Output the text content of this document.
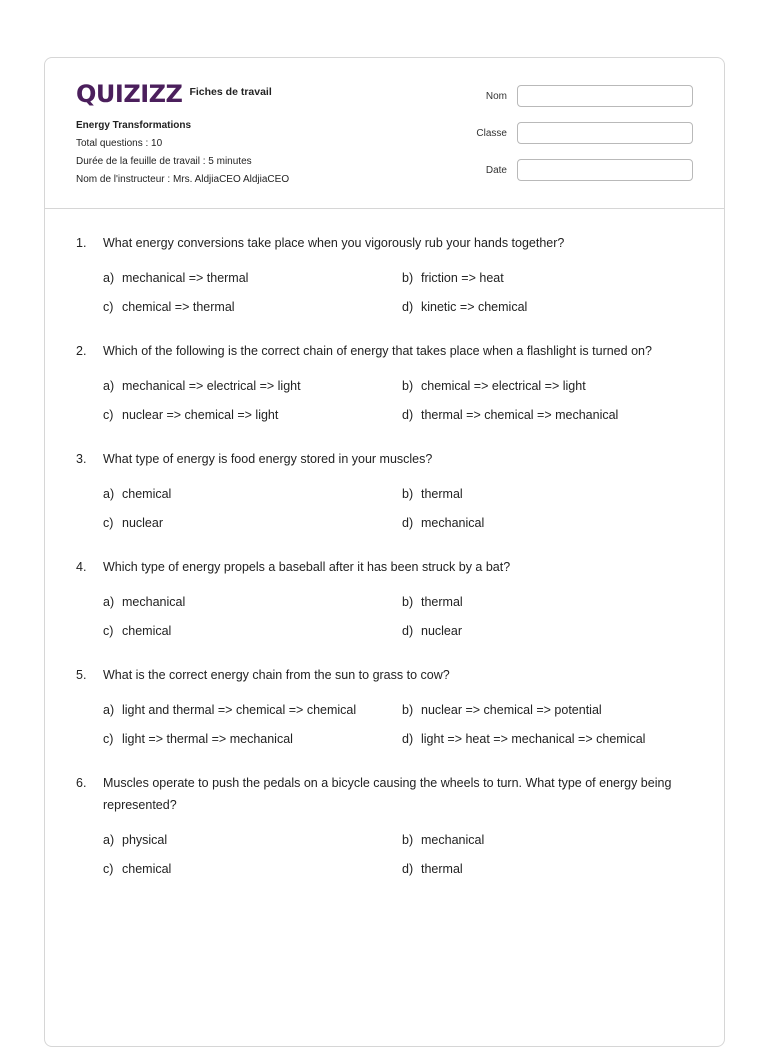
QUIZIZZ Fiches de travail
Energy Transformations
Total questions : 10
Durée de la feuille de travail : 5 minutes
Nom de l'instructeur : Mrs. AldjiaCEO AldjiaCEO
Nom
Classe
Date
1.	What energy conversions take place when you vigorously rub your hands together?
a) mechanical => thermal	b) friction => heat
c) chemical => thermal	d) kinetic => chemical
2.	Which of the following is the correct chain of energy that takes place when a flashlight is turned on?
a) mechanical => electrical => light	b) chemical => electrical => light
c) nuclear => chemical => light	d) thermal => chemical => mechanical
3.	What type of energy is food energy stored in your muscles?
a) chemical	b) thermal
c) nuclear	d) mechanical
4.	Which type of energy propels a baseball after it has been struck by a bat?
a) mechanical	b) thermal
c) chemical	d) nuclear
5.	What is the correct energy chain from the sun to grass to cow?
a) light and thermal => chemical => chemical	b) nuclear => chemical => potential
c) light => thermal => mechanical	d) light => heat => mechanical => chemical
6.	Muscles operate to push the pedals on a bicycle causing the wheels to turn. What type of energy being represented?
a) physical	b) mechanical
c) chemical	d) thermal
